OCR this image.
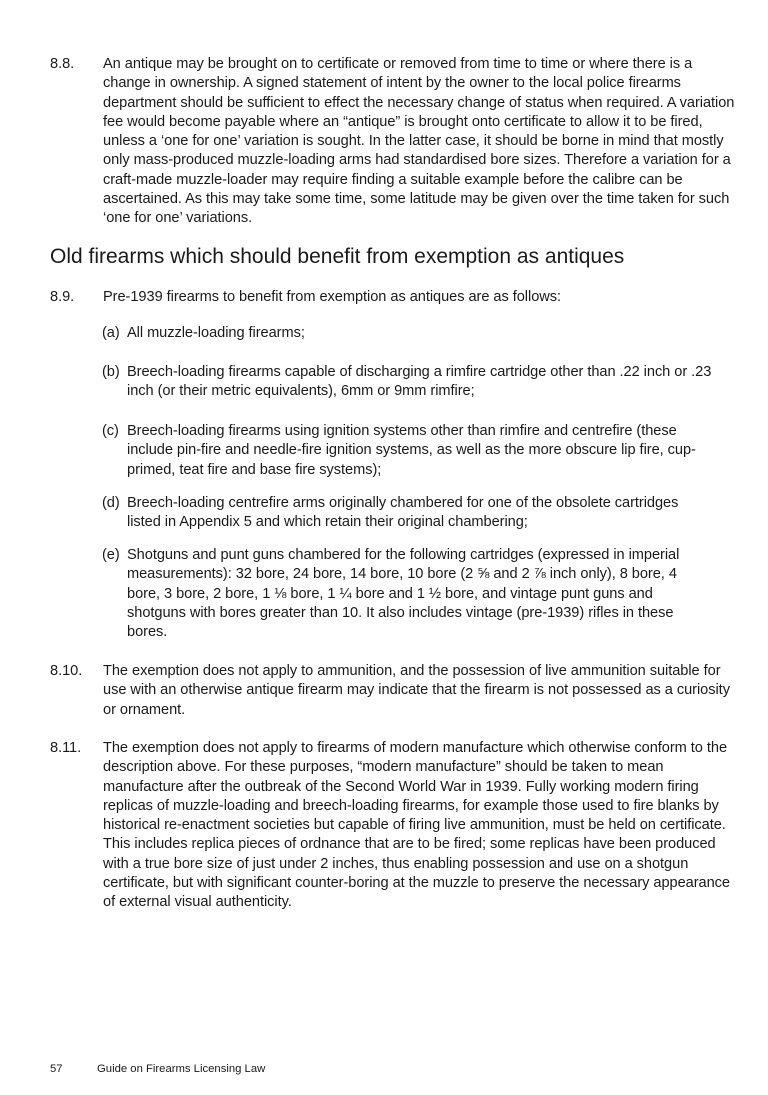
8.8.	An antique may be brought on to certificate or removed from time to time or where there is a change in ownership. A signed statement of intent by the owner to the local police firearms department should be sufficient to effect the necessary change of status when required. A variation fee would become payable where an “antique” is brought onto certificate to allow it to be fired, unless a ‘one for one’ variation is sought. In the latter case, it should be borne in mind that mostly only mass-produced muzzle-loading arms had standardised bore sizes. Therefore a variation for a craft-made muzzle-loader may require finding a suitable example before the calibre can be ascertained. As this may take some time, some latitude may be given over the time taken for such ‘one for one’ variations.
Old firearms which should benefit from exemption as antiques
8.9.	Pre-1939 firearms to benefit from exemption as antiques are as follows:
(a) All muzzle-loading firearms;
(b) Breech-loading firearms capable of discharging a rimfire cartridge other than .22 inch or .23 inch (or their metric equivalents), 6mm or 9mm rimfire;
(c) Breech-loading firearms using ignition systems other than rimfire and centrefire (these include pin-fire and needle-fire ignition systems, as well as the more obscure lip fire, cup-primed, teat fire and base fire systems);
(d) Breech-loading centrefire arms originally chambered for one of the obsolete cartridges listed in Appendix 5 and which retain their original chambering;
(e) Shotguns and punt guns chambered for the following cartridges (expressed in imperial measurements): 32 bore, 24 bore, 14 bore, 10 bore (2 ⅝ and 2 ⅞ inch only), 8 bore, 4 bore, 3 bore, 2 bore, 1 ⅛ bore, 1 ¼ bore and 1 ½ bore, and vintage punt guns and shotguns with bores greater than 10. It also includes vintage (pre-1939) rifles in these bores.
8.10.	The exemption does not apply to ammunition, and the possession of live ammunition suitable for use with an otherwise antique firearm may indicate that the firearm is not possessed as a curiosity or ornament.
8.11.	The exemption does not apply to firearms of modern manufacture which otherwise conform to the description above. For these purposes, “modern manufacture” should be taken to mean manufacture after the outbreak of the Second World War in 1939. Fully working modern firing replicas of muzzle-loading and breech-loading firearms, for example those used to fire blanks by historical re-enactment societies but capable of firing live ammunition, must be held on certificate. This includes replica pieces of ordnance that are to be fired; some replicas have been produced with a true bore size of just under 2 inches, thus enabling possession and use on a shotgun certificate, but with significant counter-boring at the muzzle to preserve the necessary appearance of external visual authenticity.
57	Guide on Firearms Licensing Law
